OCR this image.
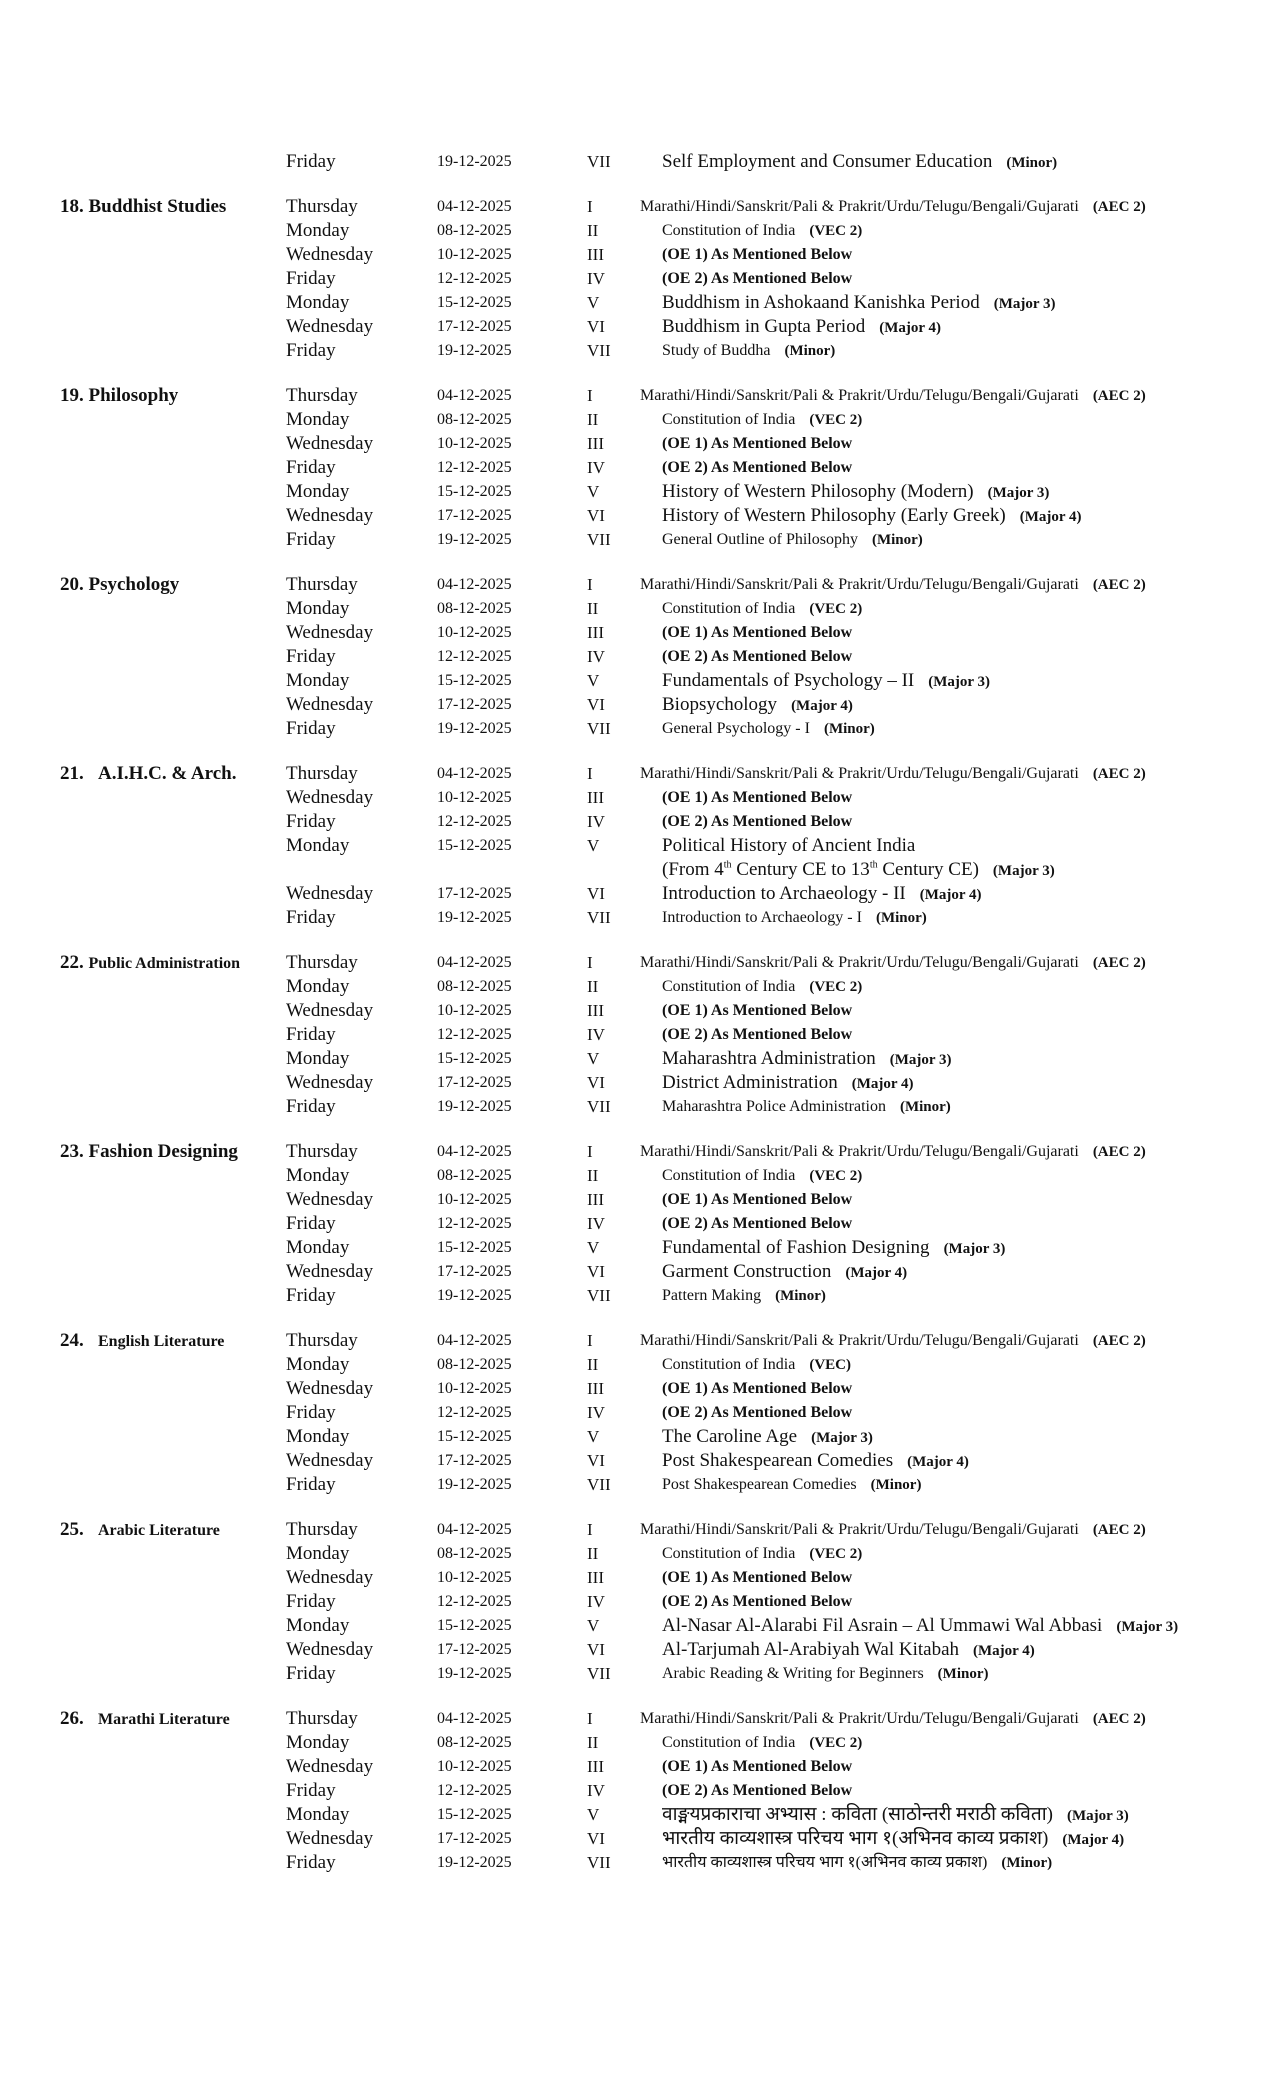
Friday	19-12-2025	VII	Self Employment and Consumer Education (Minor)
18. Buddhist Studies	Thursday	04-12-2025	I	Marathi/Hindi/Sanskrit/Pali & Prakrit/Urdu/Telugu/Bengali/Gujarati (AEC 2)
Monday	08-12-2025	II	Constitution of India (VEC 2)
Wednesday	10-12-2025	III	(OE 1) As Mentioned Below
Friday	12-12-2025	IV	(OE 2) As Mentioned Below
Monday	15-12-2025	V	Buddhism in Ashokaand Kanishka Period (Major 3)
Wednesday	17-12-2025	VI	Buddhism in Gupta Period (Major 4)
Friday	19-12-2025	VII	Study of Buddha (Minor)
19. Philosophy	Thursday	04-12-2025	I	Marathi/Hindi/Sanskrit/Pali & Prakrit/Urdu/Telugu/Bengali/Gujarati (AEC 2)
Monday	08-12-2025	II	Constitution of India (VEC 2)
Wednesday	10-12-2025	III	(OE 1) As Mentioned Below
Friday	12-12-2025	IV	(OE 2) As Mentioned Below
Monday	15-12-2025	V	History of Western Philosophy (Modern) (Major 3)
Wednesday	17-12-2025	VI	History of Western Philosophy (Early Greek) (Major 4)
Friday	19-12-2025	VII	General Outline of Philosophy (Minor)
20. Psychology	Thursday	04-12-2025	I	Marathi/Hindi/Sanskrit/Pali & Prakrit/Urdu/Telugu/Bengali/Gujarati (AEC 2)
Monday	08-12-2025	II	Constitution of India (VEC 2)
Wednesday	10-12-2025	III	(OE 1) As Mentioned Below
Friday	12-12-2025	IV	(OE 2) As Mentioned Below
Monday	15-12-2025	V	Fundamentals of Psychology – II (Major 3)
Wednesday	17-12-2025	VI	Biopsychology (Major 4)
Friday	19-12-2025	VII	General Psychology - I (Minor)
21. A.I.H.C. & Arch.	Thursday	04-12-2025	I	Marathi/Hindi/Sanskrit/Pali & Prakrit/Urdu/Telugu/Bengali/Gujarati (AEC 2)
Wednesday	10-12-2025	III	(OE 1) As Mentioned Below
Friday	12-12-2025	IV	(OE 2) As Mentioned Below
Monday	15-12-2025	V	Political History of Ancient India
(From 4th Century CE to 13th Century CE) (Major 3)
Wednesday	17-12-2025	VI	Introduction to Archaeology - II (Major 4)
Friday	19-12-2025	VII	Introduction to Archaeology - I (Minor)
22. Public Administration Thursday	04-12-2025	I	Marathi/Hindi/Sanskrit/Pali & Prakrit/Urdu/Telugu/Bengali/Gujarati (AEC 2)
Monday	08-12-2025	II	Constitution of India (VEC 2)
Wednesday	10-12-2025	III	(OE 1) As Mentioned Below
Friday	12-12-2025	IV	(OE 2) As Mentioned Below
Monday	15-12-2025	V	Maharashtra Administration (Major 3)
Wednesday	17-12-2025	VI	District Administration (Major 4)
Friday	19-12-2025	VII	Maharashtra Police Administration (Minor)
23. Fashion Designing	Thursday	04-12-2025	I	Marathi/Hindi/Sanskrit/Pali & Prakrit/Urdu/Telugu/Bengali/Gujarati (AEC 2)
Monday	08-12-2025	II	Constitution of India (VEC 2)
Wednesday	10-12-2025	III	(OE 1) As Mentioned Below
Friday	12-12-2025	IV	(OE 2) As Mentioned Below
Monday	15-12-2025	V	Fundamental of Fashion Designing (Major 3)
Wednesday	17-12-2025	VI	Garment Construction (Major 4)
Friday	19-12-2025	VII	Pattern Making (Minor)
24. English Literature	Thursday	04-12-2025	I	Marathi/Hindi/Sanskrit/Pali & Prakrit/Urdu/Telugu/Bengali/Gujarati (AEC 2)
Monday	08-12-2025	II	Constitution of India (VEC)
Wednesday	10-12-2025	III	(OE 1) As Mentioned Below
Friday	12-12-2025	IV	(OE 2) As Mentioned Below
Monday	15-12-2025	V	The Caroline Age (Major 3)
Wednesday	17-12-2025	VI	Post Shakespearean Comedies (Major 4)
Friday	19-12-2025	VII	Post Shakespearean Comedies (Minor)
25. Arabic Literature	Thursday	04-12-2025	I	Marathi/Hindi/Sanskrit/Pali & Prakrit/Urdu/Telugu/Bengali/Gujarati (AEC 2)
Monday	08-12-2025	II	Constitution of India (VEC 2)
Wednesday	10-12-2025	III	(OE 1) As Mentioned Below
Friday	12-12-2025	IV	(OE 2) As Mentioned Below
Monday	15-12-2025	V	Al-Nasar Al-Alarabi Fil Asrain – Al Ummawi Wal Abbasi (Major 3)
Wednesday	17-12-2025	VI	Al-Tarjumah Al-Arabiyah Wal Kitabah (Major 4)
Friday	19-12-2025	VII	Arabic Reading & Writing for Beginners (Minor)
26. Marathi Literature	Thursday	04-12-2025	I	Marathi/Hindi/Sanskrit/Pali & Prakrit/Urdu/Telugu/Bengali/Gujarati (AEC 2)
Monday	08-12-2025	II	Constitution of India (VEC 2)
Wednesday	10-12-2025	III	(OE 1) As Mentioned Below
Friday	12-12-2025	IV	(OE 2) As Mentioned Below
Monday	15-12-2025	V	वाङ्मयप्रकाराचा अभ्यास : कविता (साठोन्तरी मराठी कविता) (Major 3)
Wednesday	17-12-2025	VI	भारतीय काव्यशास्त्र परिचय भाग १(अभिनव काव्य प्रकाश) (Major 4)
Friday	19-12-2025	VII	भारतीय काव्यशास्त्र परिचय भाग १(अभिनव काव्य प्रकाश) (Minor)
